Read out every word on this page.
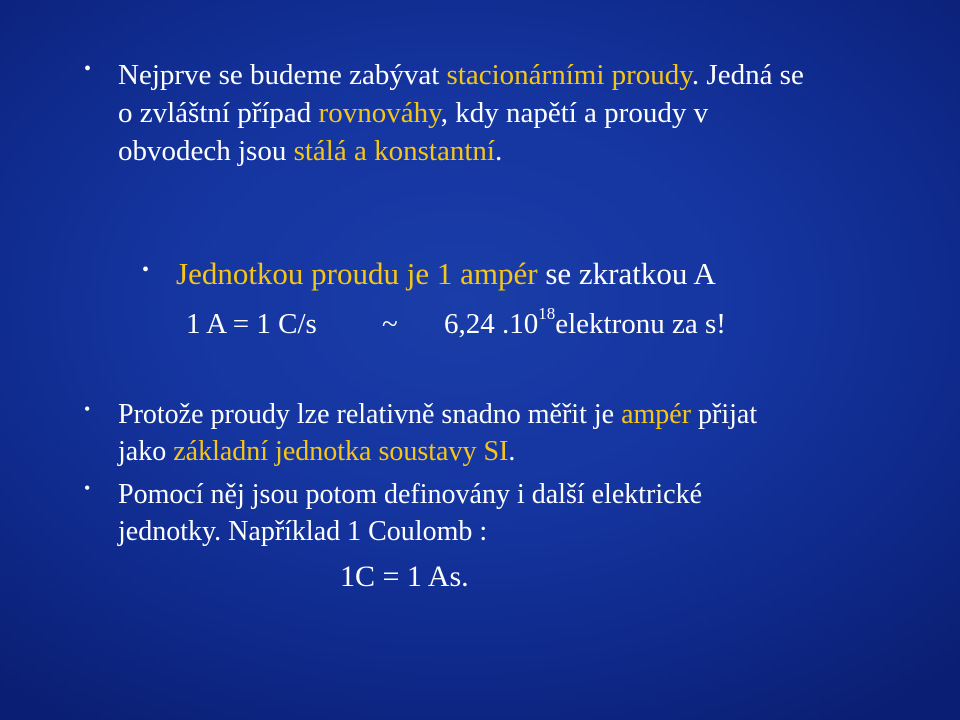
• Nejprve se budeme zabývat stacionárními proudy. Jedná se
o zvláštní případ rovnováhy, kdy napětí a proudy v
obvodech jsou stálá a konstantní.

• Jednotkou proudu je 1 ampér se zkratkou A

1 A = 1 C/s ~ 6,24 $.10^{18}elektronu$ za s!
• Protože proudy lze relativně snadno měřit je ampér přijat
jako základní jednotka soustavy SI.

• Pomocí něj jsou potom definovány i další elektrické
jednotky. Například 1 Coulomb :

1C = 1 As.
